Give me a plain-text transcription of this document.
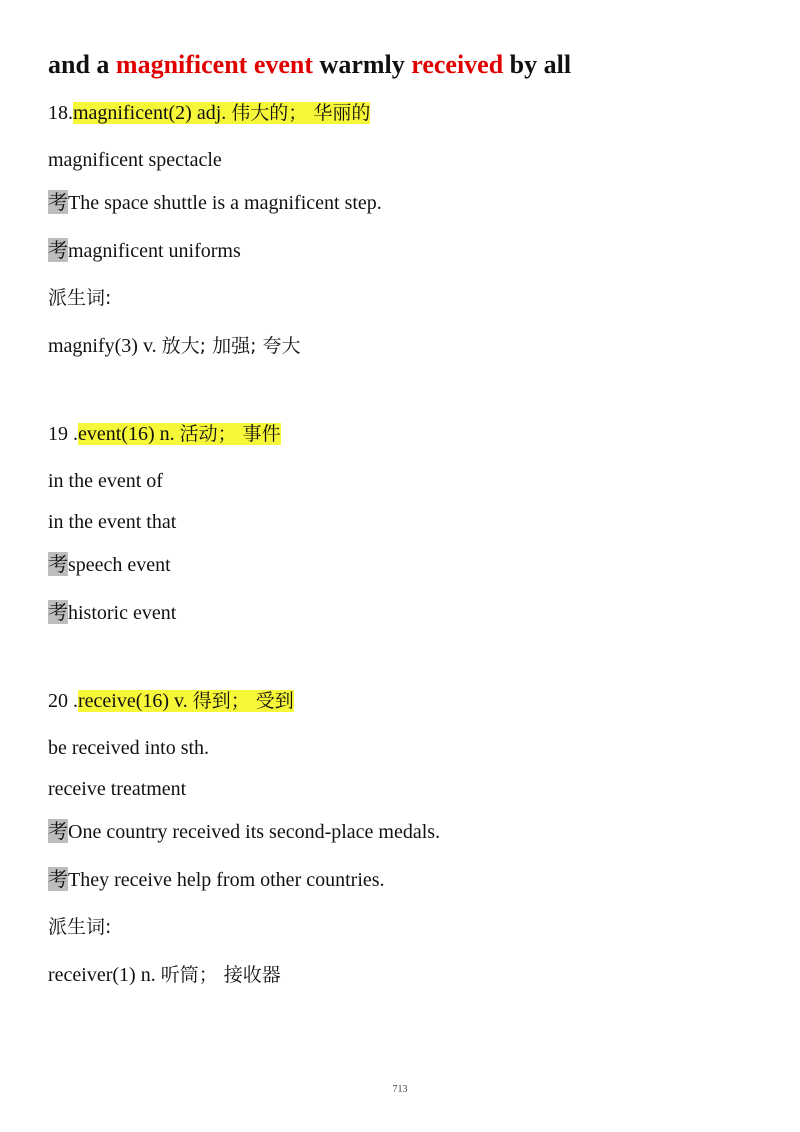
and a magnificent event warmly received by all
18.magnificent(2) adj. 伟大的； 华丽的
magnificent spectacle
考The space shuttle is a magnificent step.
考magnificent uniforms
派生词:
magnify(3) v. 放大; 加强; 夸大
19 .event(16) n. 活动； 事件
in the event of
in the event that
考speech event
考historic event
20 .receive(16) v. 得到； 受到
be received into sth.
receive treatment
考One country received its second-place medals.
考They receive help from other countries.
派生词:
receiver(1) n. 听筒； 接收器
713
